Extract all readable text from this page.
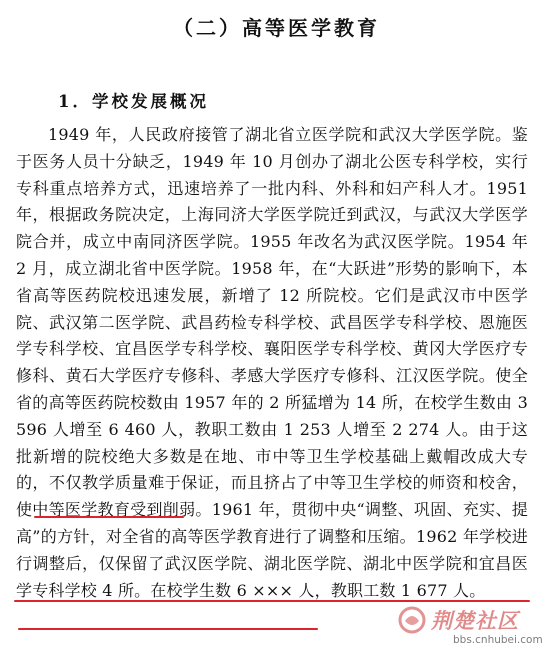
（二）高等医学教育
1．学校发展概况

1949 年，人民政府接管了湖北省立医学院和武汉大学医学院。鉴于医务人员十分缺乏，1949 年 10 月创办了湖北公医专科学校，实行专科重点培养方式，迅速培养了一批内科、外科和妇产科人才。1951 年，根据政务院决定，上海同济大学医学院迁到武汉，与武汉大学医学院合并，成立中南同济医学院。1955 年改名为武汉医学院。1954 年 2 月，成立湖北省中医学院。1958 年，在“大跃进”形势的影响下，本省高等医药院校迅速发展，新增了 12 所院校。它们是武汉市中医学院、武汉第二医学院、武昌药检专科学校、武昌医学专科学校、恩施医学专科学校、宜昌医学专科学校、襄阳医学专科学校、黄冈大学医疗专修科、黄石大学医疗专修科、孝感大学医疗专修科、江汉医学院。使全省的高等医药院校数由 1957 年的 2 所猛增为 14 所，在校学生数由 3 596 人增至 6 460 人，教职工数由 1 253 人增至 2 274 人。由于这批新增的院校绝大多数是在地、市中等卫生学校基础上戴帽改成大专的，不仅教学质量难于保证，而且挤占了中等卫生学校的师资和校舍，使中等医学教育受到削弱。1961 年，贯彻中央“调整、巩固、充实、提高”的方针，对全省的高等医学教育进行了调整和压缩。1962 年学校进行调整后，仅保留了武汉医学院、湖北医学院、湖北中医学院和宜昌医学专科学校 4 所。在校学生数 6 ××× 人，教职工数 1 677 人。

荆楚社区
bbs.cnhubei.com
